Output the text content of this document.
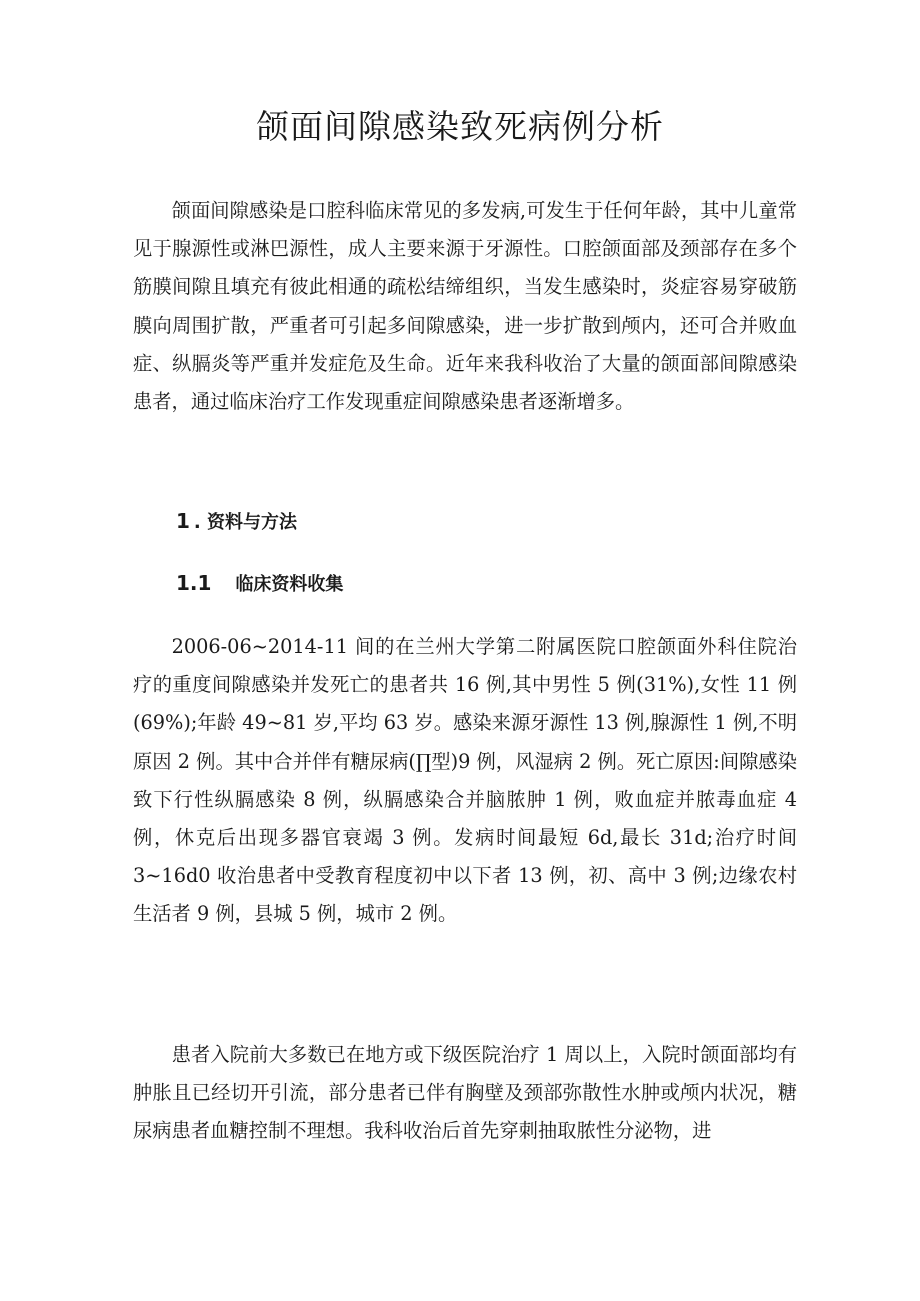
颌面间隙感染致死病例分析

颌面间隙感染是口腔科临床常见的多发病,可发生于任何年龄，其中儿童常见于腺源性或淋巴源性，成人主要来源于牙源性。口腔颌面部及颈部存在多个筋膜间隙且填充有彼此相通的疏松结缔组织，当发生感染时，炎症容易穿破筋膜向周围扩散，严重者可引起多间隙感染，进一步扩散到颅内，还可合并败血症、纵膈炎等严重并发症危及生命。近年来我科收治了大量的颌面部间隙感染患者，通过临床治疗工作发现重症间隙感染患者逐渐增多。

1 . 资料与方法
1.1 临床资料收集

2006-06~2014-11 间的在兰州大学第二附属医院口腔颌面外科住院治疗的重度间隙感染并发死亡的患者共 16 例,其中男性 5 例(31%),女性 11 例(69%);年龄 49~81 岁,平均 63 岁。感染来源牙源性 13 例,腺源性 1 例,不明原因 2 例。其中合并伴有糖尿病(∏型)9 例，风湿病 2 例。死亡原因:间隙感染致下行性纵膈感染 8 例，纵膈感染合并脑脓肿 1 例，败血症并脓毒血症 4 例，休克后出现多器官衰竭 3 例。发病时间最短 6d,最长 31d;治疗时间 3~16d0 收治患者中受教育程度初中以下者 13 例，初、高中 3 例;边缘农村生活者 9 例，县城 5 例，城市 2 例。

患者入院前大多数已在地方或下级医院治疗 1 周以上，入院时颌面部均有肿胀且已经切开引流，部分患者已伴有胸壁及颈部弥散性水肿或颅内状况，糖尿病患者血糖控制不理想。我科收治后首先穿刺抽取脓性分泌物，进
